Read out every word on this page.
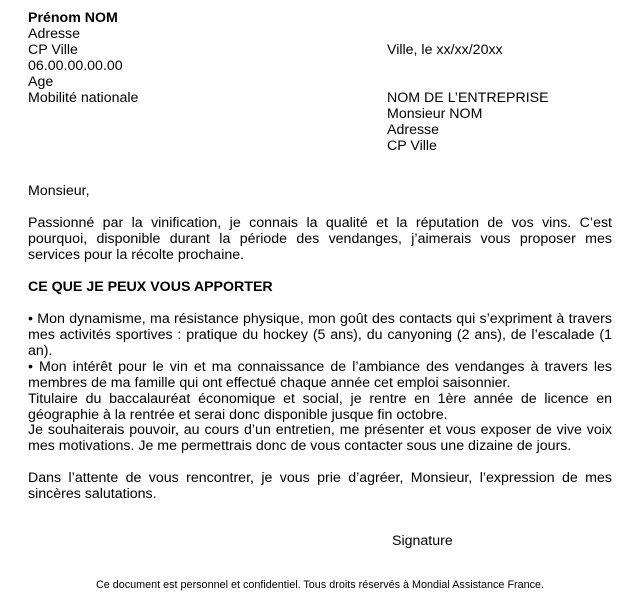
Prénom NOM
Adresse
CP Ville
06.00.00.00.00
Age
Mobilité nationale
Ville, le xx/xx/20xx
NOM DE L’ENTREPRISE
Monsieur NOM
Adresse
CP Ville
Monsieur,
Passionné par la vinification, je connais la qualité et la réputation de vos vins. C’est pourquoi, disponible durant la période des vendanges, j’aimerais vous proposer mes services pour la récolte prochaine.
CE QUE JE PEUX VOUS APPORTER

• Mon dynamisme, ma résistance physique, mon goût des contacts qui s’expriment à travers mes activités sportives : pratique du hockey (5 ans), du canyoning (2 ans), de l’escalade (1 an).

• Mon intérêt pour le vin et ma connaissance de l’ambiance des vendanges à travers les membres de ma famille qui ont effectué chaque année cet emploi saisonnier.

Titulaire du baccalauréat économique et social, je rentre en 1ère année de licence en géographie à la rentrée et serai donc disponible jusque fin octobre.

Je souhaiterais pouvoir, au cours d’un entretien, me présenter et vous exposer de vive voix mes motivations. Je me permettrais donc de vous contacter sous une dizaine de jours.
Dans l’attente de vous rencontrer, je vous prie d’agréer, Monsieur, l’expression de mes sincères salutations.
Signature
Ce document est personnel et confidentiel. Tous droits réservés à Mondial Assistance France.
